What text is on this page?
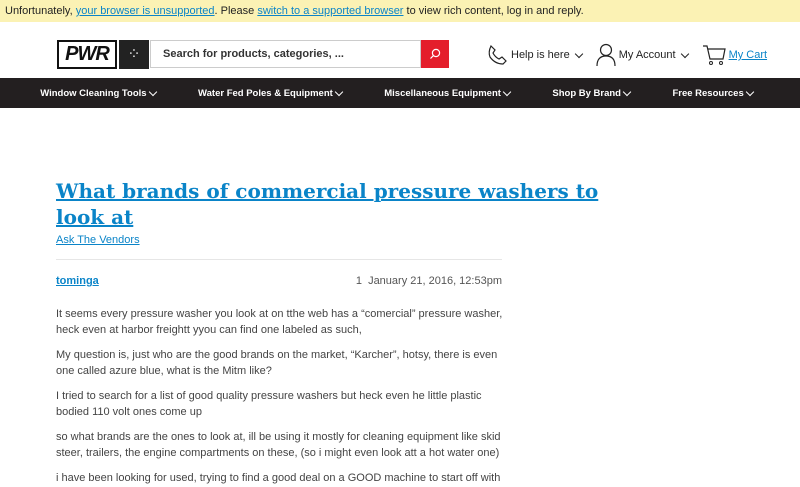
Unfortunately, your browser is unsupported. Please switch to a supported browser to view rich content, log in and reply.
PWR	⁘	Search for products, categories, ...	Help is here	My Account	My Cart
Window Cleaning Tools	Water Fed Poles & Equipment	Miscellaneous Equipment	Shop By Brand	Free Resources
What brands of commercial pressure washers to look at
Ask The Vendors
tominga	1 January 21, 2016, 12:53pm

It seems every pressure washer you look at on tthe web has a “comercial” pressure washer, heck even at harbor freightt yyou can find one labeled as such,

My question is, just who are the good brands on the market, “Karcher”, hotsy, there is even one called azure blue, what is the Mitm like?

I tried to search for a list of good quality pressure washers but heck even he little plastic bodied 110 volt ones come up

so what brands are the ones to look at, ill be using it mostly for cleaning equipment like skid steer, trailers, the engine compartments on these, (so i might even look att a hot water one)

i have been looking for used, trying to find a good deal on a GOOD machine to start off with
